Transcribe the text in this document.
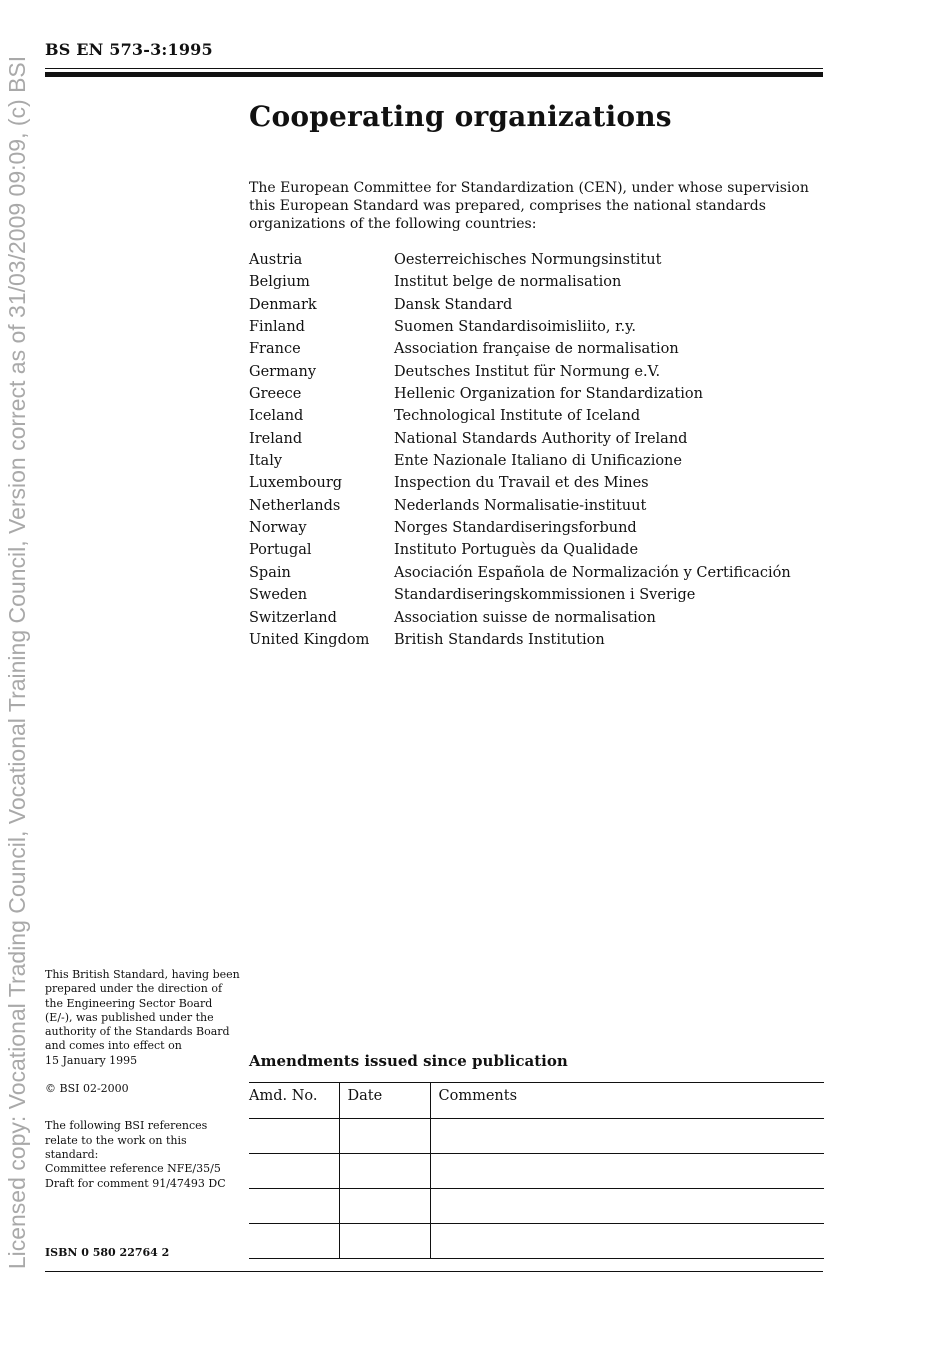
Licensed copy: Vocational Trading Council, Vocational Training Council, Version correct as of 31/03/2009 09:09, (c) BSI
BS EN 573-3:1995
Cooperating organizations

The European Committee for Standardization (CEN), under whose supervision this European Standard was prepared, comprises the national standards organizations of the following countries:

Austria	Oesterreichisches Normungsinstitut
Belgium	Institut belge de normalisation
Denmark	Dansk Standard
Finland	Suomen Standardisoimisliito, r.y.
France	Association française de normalisation
Germany	Deutsches Institut für Normung e.V.
Greece	Hellenic Organization for Standardization
Iceland	Technological Institute of Iceland
Ireland	National Standards Authority of Ireland
Italy	Ente Nazionale Italiano di Unificazione
Luxembourg	Inspection du Travail et des Mines
Netherlands	Nederlands Normalisatie-instituut
Norway	Norges Standardiseringsforbund
Portugal	Instituto Portuguès da Qualidade
Spain	Asociación Española de Normalización y Certificación
Sweden	Standardiseringskommissionen i Sverige
Switzerland	Association suisse de normalisation
United Kingdom	British Standards Institution

This British Standard, having been prepared under the direction of the Engineering Sector Board (E/-), was published under the authority of the Standards Board and comes into effect on

15 January 1995

© BSI 02-2000

The following BSI references relate to the work on this standard:

Committee reference NFE/35/5

Draft for comment 91/47493 DC

ISBN 0 580 22764 2
Amendments issued since publication
Amd. No.	Date	Comments
